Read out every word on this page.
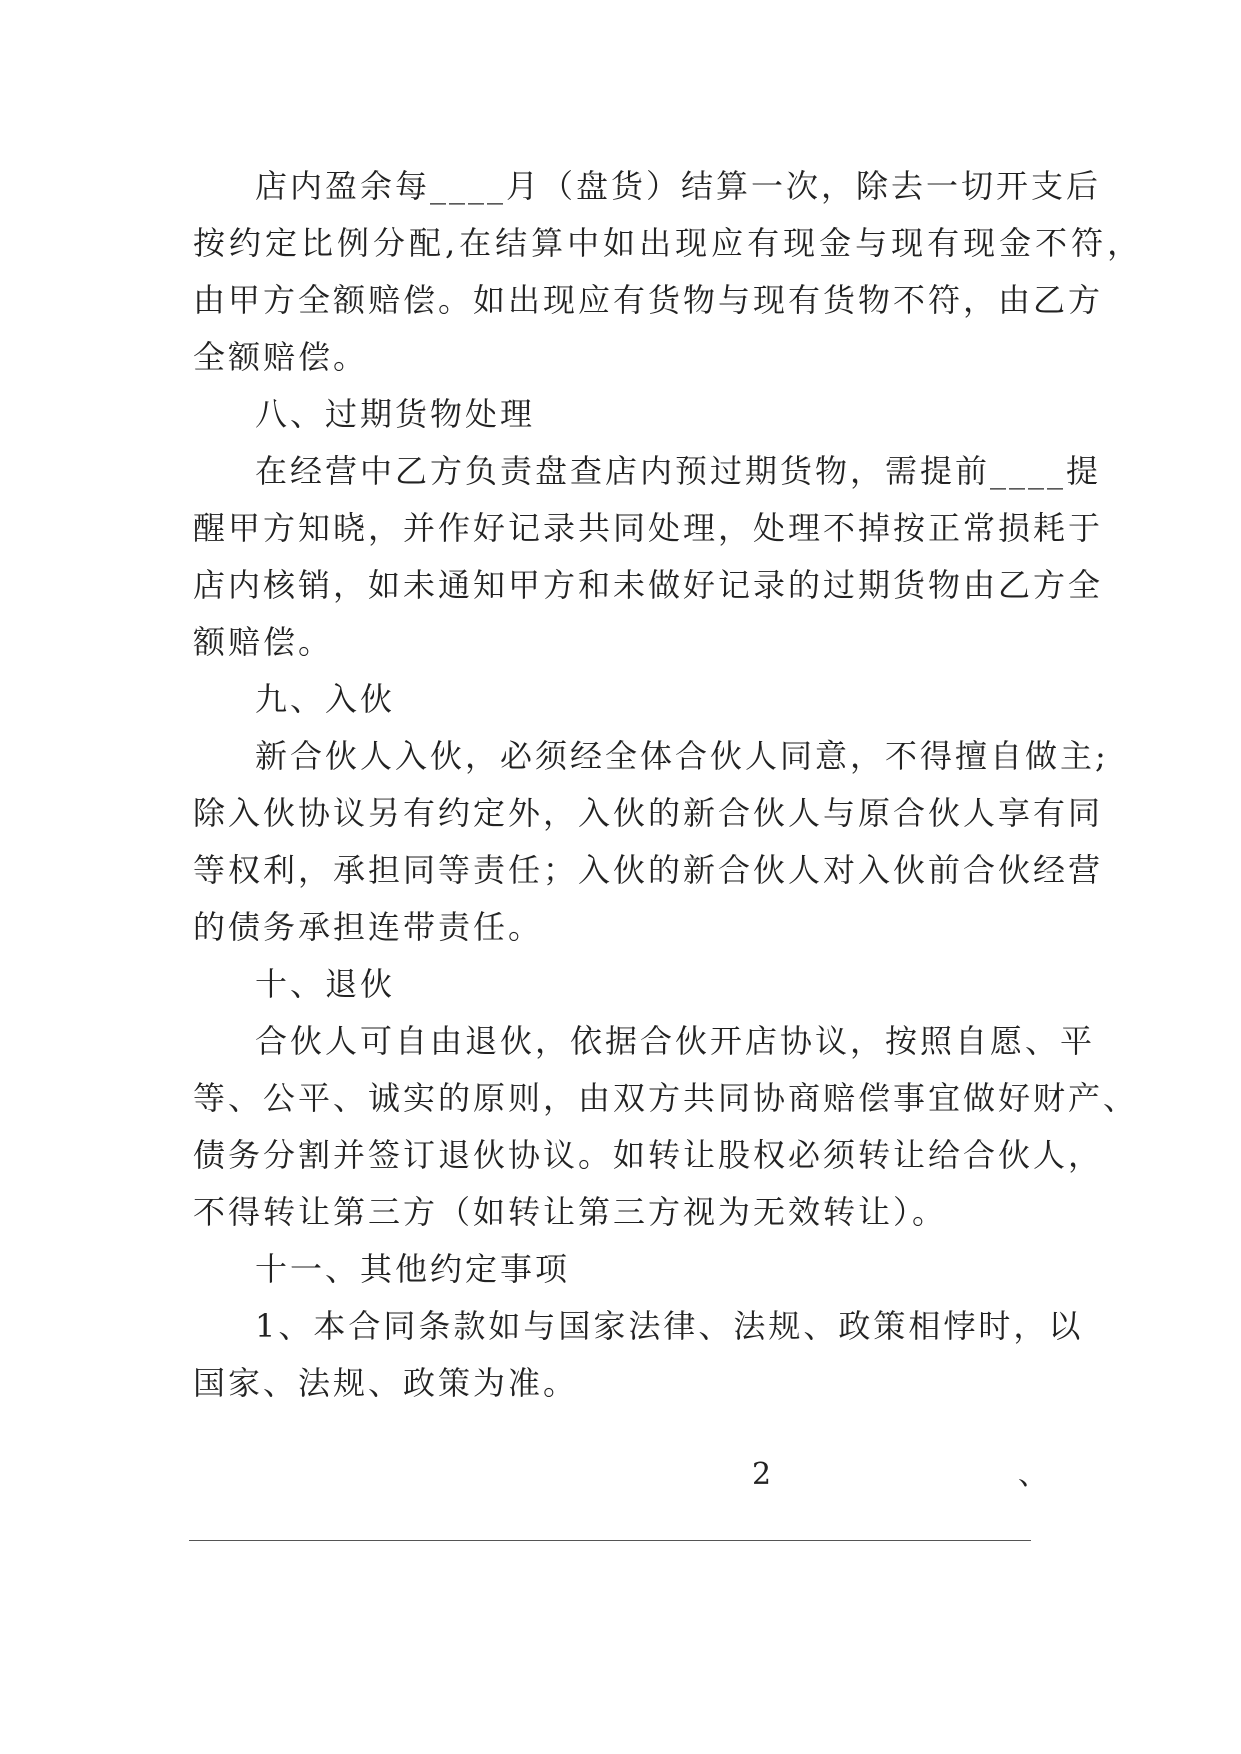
店内盈余每____月（盘货）结算一次，除去一切开支后
按约定比例分配,在结算中如出现应有现金与现有现金不符，
由甲方全额赔偿。如出现应有货物与现有货物不符，由乙方
全额赔偿。
八、过期货物处理
在经营中乙方负责盘查店内预过期货物，需提前____提
醒甲方知晓，并作好记录共同处理，处理不掉按正常损耗于
店内核销，如未通知甲方和未做好记录的过期货物由乙方全
额赔偿。
九、入伙
新合伙人入伙，必须经全体合伙人同意，不得擅自做主;
除入伙协议另有约定外，入伙的新合伙人与原合伙人享有同
等权利，承担同等责任；入伙的新合伙人对入伙前合伙经营
的债务承担连带责任。
十、退伙
合伙人可自由退伙，依据合伙开店协议，按照自愿、平
等、公平、诚实的原则，由双方共同协商赔偿事宜做好财产、
债务分割并签订退伙协议。如转让股权必须转让给合伙人，
不得转让第三方（如转让第三方视为无效转让）。
十一、其他约定事项
1、本合同条款如与国家法律、法规、政策相悖时，以
国家、法规、政策为准。
2	、
